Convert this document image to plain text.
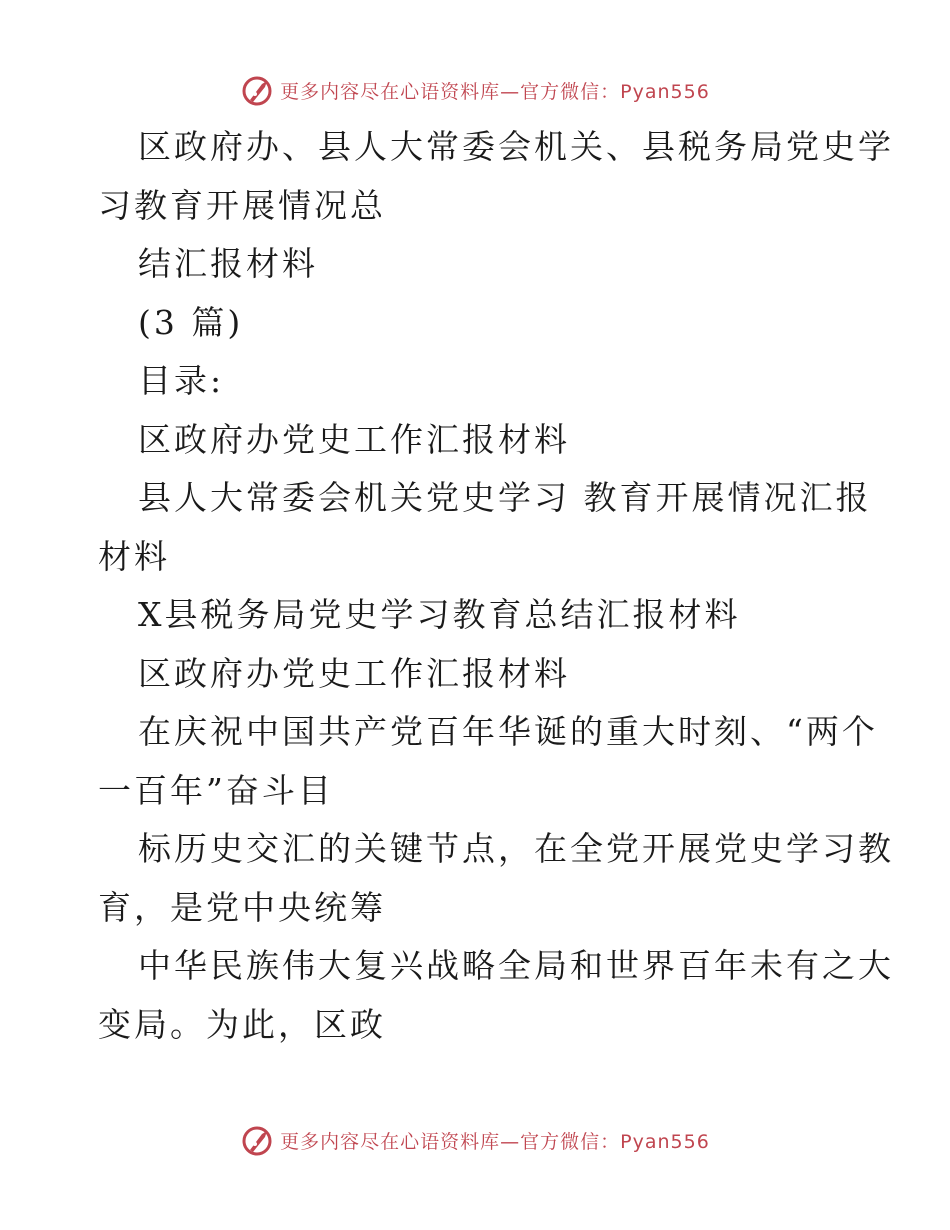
更多内容尽在心语资料库—官方微信：Pyan556
区政府办、县人大常委会机关、县税务局党史学
习教育开展情况总
结汇报材料
(3 篇)
目录:
区政府办党史工作汇报材料
县人大常委会机关党史学习 教育开展情况汇报
材料
X县税务局党史学习教育总结汇报材料
区政府办党史工作汇报材料
在庆祝中国共产党百年华诞的重大时刻、“两个
一百年”奋斗目
标历史交汇的关键节点，在全党开展党史学习教
育，是党中央统筹
中华民族伟大复兴战略全局和世界百年未有之大
变局。为此，区政
更多内容尽在心语资料库—官方微信：Pyan556
